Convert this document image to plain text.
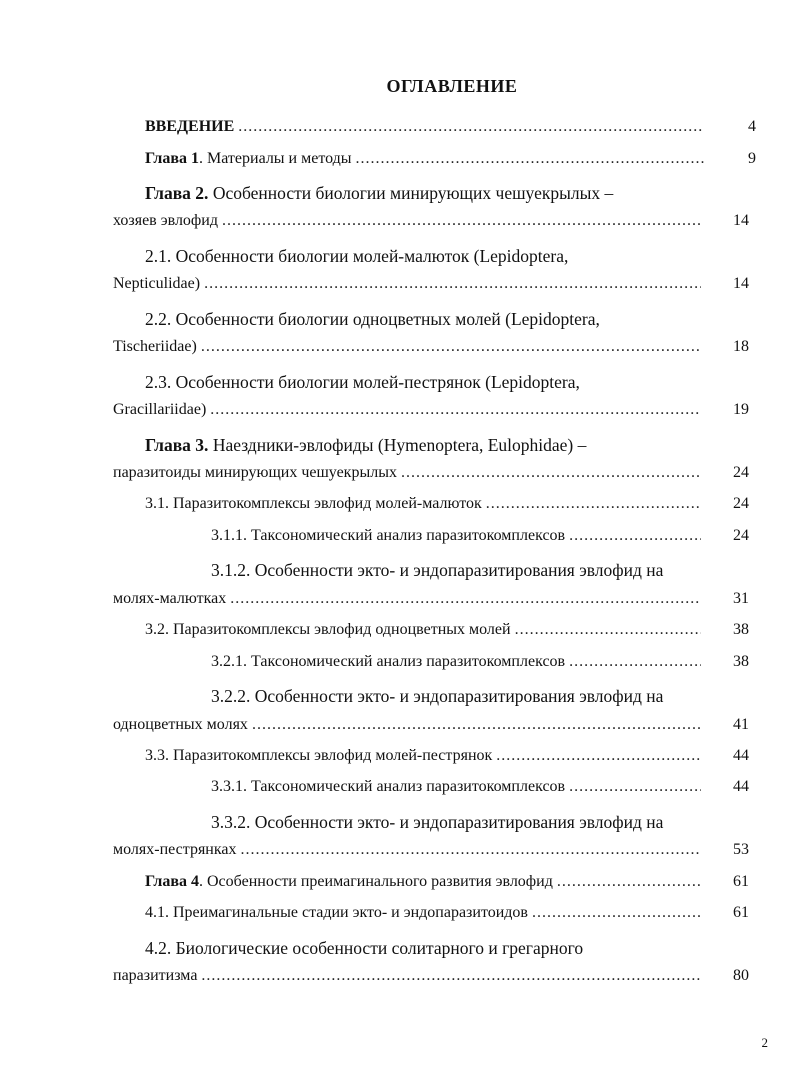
ОГЛАВЛЕНИЕ
ВВЕДЕНИЕ .....	4
Глава 1. Материалы и методы .....	9
Глава 2. Особенности биологии минирующих чешуекрылых –
хозяев эвлофид .....	14
2.1. Особенности биологии молей-малюток (Lepidoptera,
Nepticulidae) .....	14
2.2. Особенности биологии одноцветных молей (Lepidoptera,
Tischeriidae) .....	18
2.3. Особенности биологии молей-пестрянок (Lepidoptera,
Gracillariidae) .....	19
Глава 3. Наездники-эвлофиды (Hymenoptera, Eulophidae) –
паразитоиды минирующих чешуекрылых .....	24
3.1. Паразитокомплексы эвлофид молей-малюток .....	24
3.1.1. Таксономический анализ паразитокомплексов .....	24
3.1.2. Особенности экто- и эндопаразитирования эвлофид на
молях-малютках .....	31
3.2. Паразитокомплексы эвлофид одноцветных молей .....	38
3.2.1. Таксономический анализ паразитокомплексов .....	38
3.2.2. Особенности экто- и эндопаразитирования эвлофид на
одноцветных молях .....	41
3.3. Паразитокомплексы эвлофид молей-пестрянок .....	44
3.3.1. Таксономический анализ паразитокомплексов .....	44
3.3.2. Особенности экто- и эндопаразитирования эвлофид на
молях-пестрянках .....	53
Глава 4. Особенности преимагинального развития эвлофид .....	61
4.1. Преимагинальные стадии экто- и эндопаразитоидов .....	61
4.2. Биологические особенности солитарного и грегарного
паразитизма .....	80
2
